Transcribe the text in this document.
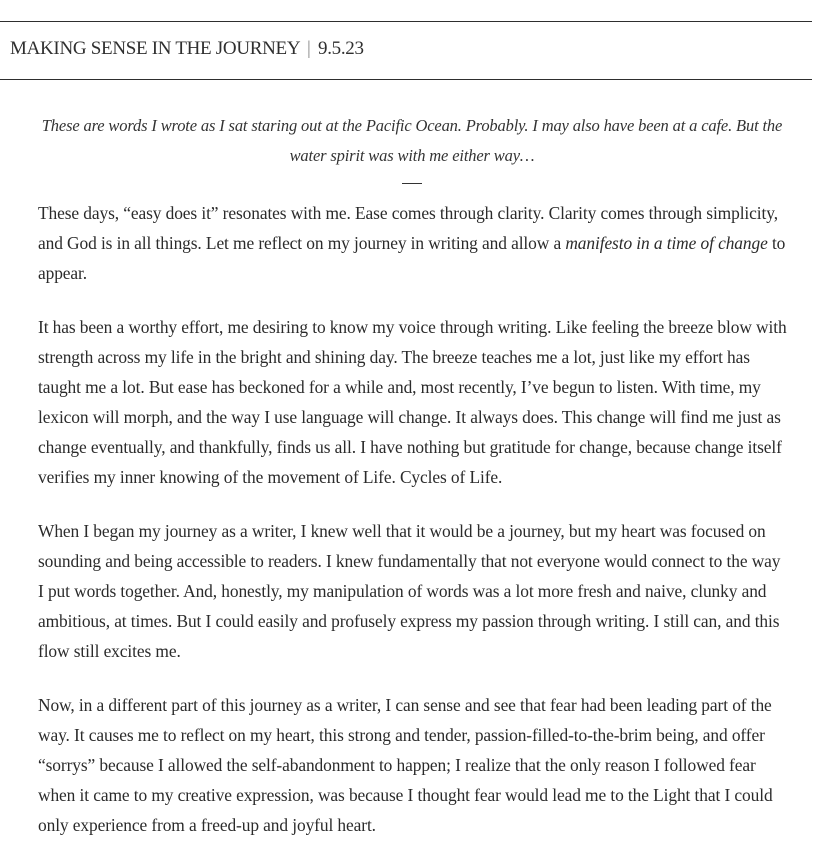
MAKING SENSE IN THE JOURNEY | 9.5.23
These are words I wrote as I sat staring out at the Pacific Ocean. Probably. I may also have been at a cafe. But the water spirit was with me either way…

These days, “easy does it” resonates with me. Ease comes through clarity. Clarity comes through simplicity, and God is in all things. Let me reflect on my journey in writing and allow a manifesto in a time of change to appear.

It has been a worthy effort, me desiring to know my voice through writing. Like feeling the breeze blow with strength across my life in the bright and shining day. The breeze teaches me a lot, just like my effort has taught me a lot. But ease has beckoned for a while and, most recently, I’ve begun to listen. With time, my lexicon will morph, and the way I use language will change. It always does. This change will find me just as change eventually, and thankfully, finds us all. I have nothing but gratitude for change, because change itself verifies my inner knowing of the movement of Life. Cycles of Life.

When I began my journey as a writer, I knew well that it would be a journey, but my heart was focused on sounding and being accessible to readers. I knew fundamentally that not everyone would connect to the way I put words together. And, honestly, my manipulation of words was a lot more fresh and naive, clunky and ambitious, at times. But I could easily and profusely express my passion through writing. I still can, and this flow still excites me.

Now, in a different part of this journey as a writer, I can sense and see that fear had been leading part of the way. It causes me to reflect on my heart, this strong and tender, passion-filled-to-the-brim being, and offer “sorrys” because I allowed the self-abandonment to happen; I realize that the only reason I followed fear when it came to my creative expression, was because I thought fear would lead me to the Light that I could only experience from a freed-up and joyful heart.
